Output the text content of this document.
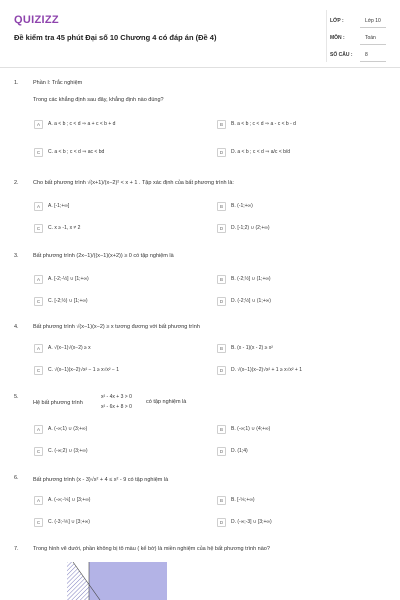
QUIZIZZ
Đề kiểm tra 45 phút Đại số 10 Chương 4 có đáp án (Đề 4)
LỚP :	Lớp 10
MÔN :	Toán
SỐ CÂU :	8
1.	Phần I: Trắc nghiệm
Trong các khẳng định sau đây, khẳng định nào đúng?
A	A. a < b ; c < d ⇒ a + c < b + d	B	B. a < b ; c < d ⇒ a - c < b - d
C	C. a < b ; c < d ⇒ ac < bd	D	D. a < b ; c < d ⇒ a/c < b/d
2.	Cho bất phương trình √(x+1)/(x−2)² < x + 1 . Tập xác định của bất phương trình là:
A	A. [-1;+∞]	B	B. (-1;+∞)
C	C. x ≥ -1, x ≠ 2	D	D. [-1;2) ∪ (2;+∞)
3.	Bất phương trình (2x−1)/((x−1)(x+2)) ≥ 0 có tập nghiệm là
A	A. [-2;-½] ∪ [1;+∞)	B	B. (-2;½] ∪ (1;+∞)
C	C. [-2;½) ∪ [1;+∞)	D	D. (-2;½] ∪ (1;+∞)
4.	Bất phương trình √(x−1)(x−2) ≥ x tương đương với bất phương trình
A	A. √(x−1)√(x−2) ≥ x	B	B. (x - 1)(x - 2) ≥ x²
C	C. √(x−1)(x−2)√x² − 1 ≥ x√x² − 1	D	D. √(x−1)(x−2)√x² + 1 ≥ x√x² + 1
5.
Hệ bất phương trình
x² - 4x + 3 > 0
x² - 6x + 8 > 0
có tập nghiệm là
A	A. (-∞;1) ∪ (3;+∞)	B	B. (-∞;1) ∪ (4;+∞)
C	C. (-∞;2) ∪ (3;+∞)	D	D. (1;4)
6.	Bất phương trình (x - 3)√x² + 4 ≤ x² - 9 có tập nghiệm là
A	A. (-∞;-⅚] ∪ [3;+∞)	B	B. [-⅚;+∞)
C	C. (-3;-⅚] ∪ [3;+∞)	D	D. (-∞;-3] ∪ [3;+∞)
7.	Trong hình vẽ dưới, phần không bị tô màu ( kể bờ) là miền nghiệm của hệ bất phương trình nào?
